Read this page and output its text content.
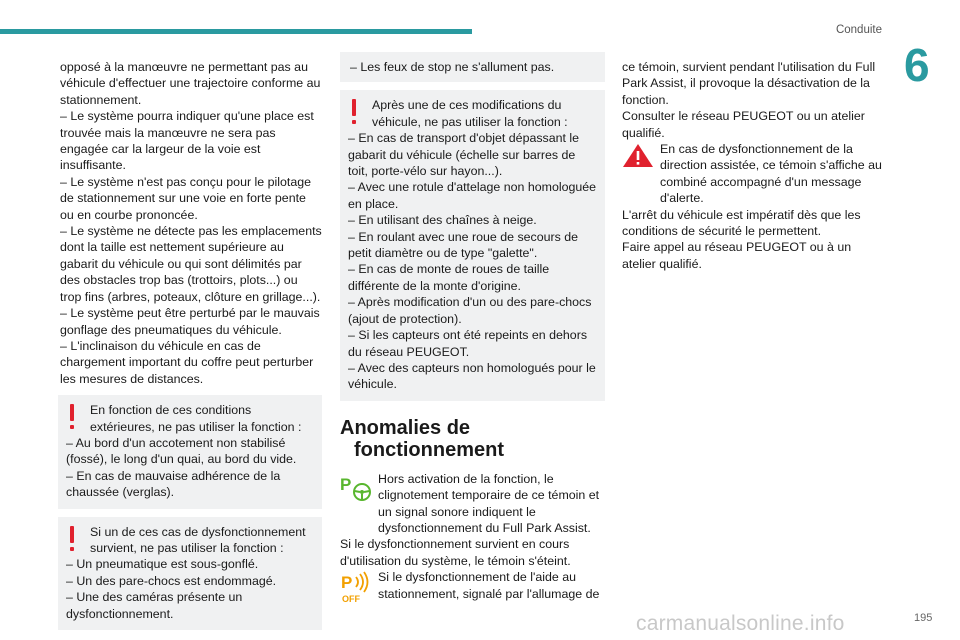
Conduite
6

opposé à la manœuvre ne permettant pas au véhicule d'effectuer une trajectoire conforme au stationnement.

– Le système pourra indiquer qu'une place est trouvée mais la manœuvre ne sera pas engagée car la largeur de la voie est insuffisante.

– Le système n'est pas conçu pour le pilotage de stationnement sur une voie en forte pente ou en courbe prononcée.

– Le système ne détecte pas les emplacements dont la taille est nettement supérieure au gabarit du véhicule ou qui sont délimités par des obstacles trop bas (trottoirs, plots...) ou trop fins (arbres, poteaux, clôture en grillage...).

– Le système peut être perturbé par le mauvais gonflage des pneumatiques du véhicule.

– L'inclinaison du véhicule en cas de chargement important du coffre peut perturber les mesures de distances.

En fonction de ces conditions extérieures, ne pas utiliser la fonction :

– Au bord d'un accotement non stabilisé (fossé), le long d'un quai, au bord du vide.

– En cas de mauvaise adhérence de la chaussée (verglas).

Si un de ces cas de dysfonctionnement survient, ne pas utiliser la fonction :

– Un pneumatique est sous-gonflé.

– Un des pare-chocs est endommagé.

– Une des caméras présente un dysfonctionnement.

– Les feux de stop ne s'allument pas.

Après une de ces modifications du véhicule, ne pas utiliser la fonction :

– En cas de transport d'objet dépassant le gabarit du véhicule (échelle sur barres de toit, porte-vélo sur hayon...).

– Avec une rotule d'attelage non homologuée en place.

– En utilisant des chaînes à neige.

– En roulant avec une roue de secours de petit diamètre ou de type "galette".

– En cas de monte de roues de taille différente de la monte d'origine.

– Après modification d'un ou des pare-chocs (ajout de protection).

– Si les capteurs ont été repeints en dehors du réseau PEUGEOT.

– Avec des capteurs non homologués pour le véhicule.

Anomalies de
fonctionnement
P Hors activation de la fonction, le clignotement temporaire de ce témoin et un signal sonore indiquent le dysfonctionnement du Full Park Assist.

Si le dysfonctionnement survient en cours d'utilisation du système, le témoin s'éteint.

P
OFF

Si le dysfonctionnement de l'aide au stationnement, signalé par l'allumage de

ce témoin, survient pendant l'utilisation du Full Park Assist, il provoque la désactivation de la fonction.

Consulter le réseau PEUGEOT ou un atelier qualifié.

En cas de dysfonctionnement de la direction assistée, ce témoin s'affiche au combiné accompagné d'un message d'alerte.

L'arrêt du véhicule est impératif dès que les conditions de sécurité le permettent.

Faire appel au réseau PEUGEOT ou à un atelier qualifié.

carmanualsonline.info	195
